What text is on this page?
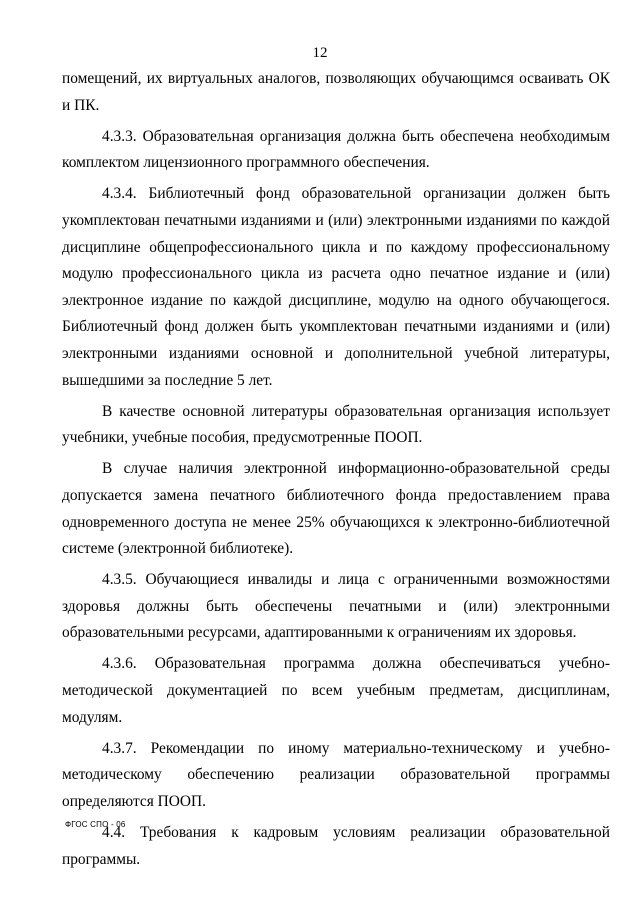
12

помещений, их виртуальных аналогов, позволяющих обучающимся осваивать ОК и ПК.

4.3.3. Образовательная организация должна быть обеспечена необходимым комплектом лицензионного программного обеспечения.

4.3.4. Библиотечный фонд образовательной организации должен быть укомплектован печатными изданиями и (или) электронными изданиями по каждой дисциплине общепрофессионального цикла и по каждому профессиональному модулю профессионального цикла из расчета одно печатное издание и (или) электронное издание по каждой дисциплине, модулю на одного обучающегося. Библиотечный фонд должен быть укомплектован печатными изданиями и (или) электронными изданиями основной и дополнительной учебной литературы, вышедшими за последние 5 лет.

В качестве основной литературы образовательная организация использует учебники, учебные пособия, предусмотренные ПООП.

В случае наличия электронной информационно-образовательной среды допускается замена печатного библиотечного фонда предоставлением права одновременного доступа не менее 25% обучающихся к электронно-библиотечной системе (электронной библиотеке).

4.3.5. Обучающиеся инвалиды и лица с ограниченными возможностями здоровья должны быть обеспечены печатными и (или) электронными образовательными ресурсами, адаптированными к ограничениям их здоровья.

4.3.6. Образовательная программа должна обеспечиваться учебно-методической документацией по всем учебным предметам, дисциплинам, модулям.

4.3.7. Рекомендации по иному материально-техническому и учебно-методическому обеспечению реализации образовательной программы определяются ПООП.

4.4. Требования к кадровым условиям реализации образовательной программы.

ФГОС СПО - 06
